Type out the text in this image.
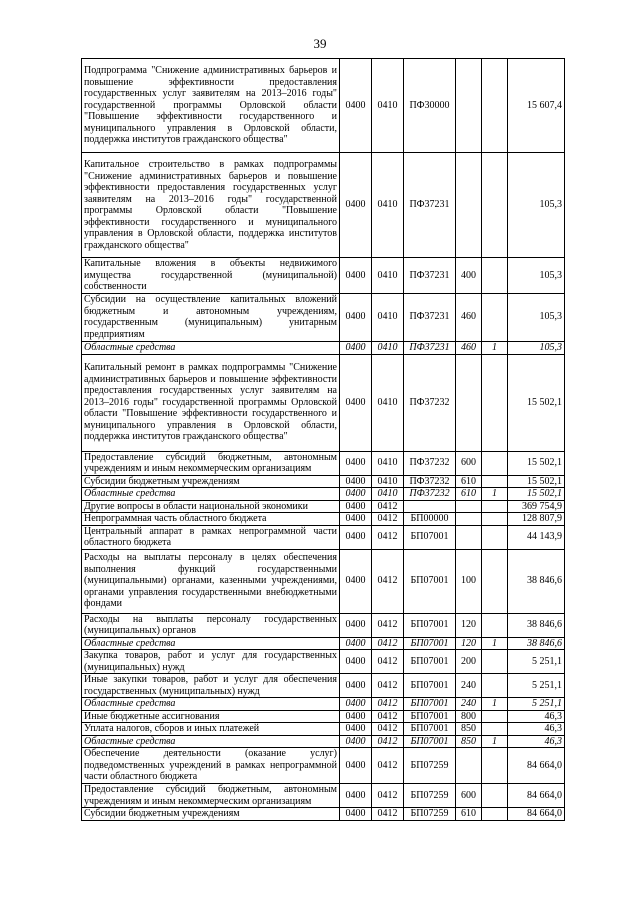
39
Подпрограмма "Снижение административных барьеров и повышение эффективности предоставления государственных услуг заявителям на 2013–2016 годы" государственной программы Орловской области "Повышение эффективности государственного и муниципального управления в Орловской области, поддержка институтов гражданского общества"	0400	0410	ПФ30000			15 607,4
Капитальное строительство в рамках подпрограммы "Снижение административных барьеров и повышение эффективности предоставления государственных услуг заявителям на 2013–2016 годы" государственной программы Орловской области "Повышение эффективности государственного и муниципального управления в Орловской области, поддержка институтов гражданского общества"	0400	0410	ПФ37231			105,3
Капитальные вложения в объекты недвижимого имущества государственной (муниципальной) собственности	0400	0410	ПФ37231	400		105,3
Субсидии на осуществление капитальных вложений бюджетным и автономным учреждениям, государственным (муниципальным) унитарным предприятиям	0400	0410	ПФ37231	460		105,3
Областные средства	0400	0410	ПФ37231	460	1	105,3
Капитальный ремонт в рамках подпрограммы "Снижение административных барьеров и повышение эффективности предоставления государственных услуг заявителям на 2013–2016 годы" государственной программы Орловской области "Повышение эффективности государственного и муниципального управления в Орловской области, поддержка институтов гражданского общества"	0400	0410	ПФ37232			15 502,1
Предоставление субсидий бюджетным, автономным учреждениям и иным некоммерческим организациям	0400	0410	ПФ37232	600		15 502,1
Субсидии бюджетным учреждениям	0400	0410	ПФ37232	610		15 502,1
Областные средства	0400	0410	ПФ37232	610	1	15 502,1
Другие вопросы в области национальной экономики	0400	0412				369 754,9
Непрограммная часть областного бюджета	0400	0412	БП00000			128 807,9
Центральный аппарат в рамках непрограммной части областного бюджета	0400	0412	БП07001			44 143,9
Расходы на выплаты персоналу в целях обеспечения выполнения функций государственными (муниципальными) органами, казенными учреждениями, органами управления государственными внебюджетными фондами	0400	0412	БП07001	100		38 846,6
Расходы на выплаты персоналу государственных (муниципальных) органов	0400	0412	БП07001	120		38 846,6
Областные средства	0400	0412	БП07001	120	1	38 846,6
Закупка товаров, работ и услуг для государственных (муниципальных) нужд	0400	0412	БП07001	200		5 251,1
Иные закупки товаров, работ и услуг для обеспечения государственных (муниципальных) нужд	0400	0412	БП07001	240		5 251,1
Областные средства	0400	0412	БП07001	240	1	5 251,1
Иные бюджетные ассигнования	0400	0412	БП07001	800		46,3
Уплата налогов, сборов и иных платежей	0400	0412	БП07001	850		46,3
Областные средства	0400	0412	БП07001	850	1	46,3
Обеспечение деятельности (оказание услуг) подведомственных учреждений в рамках непрограммной части областного бюджета	0400	0412	БП07259			84 664,0
Предоставление субсидий бюджетным, автономным учреждениям и иным некоммерческим организациям	0400	0412	БП07259	600		84 664,0
Субсидии бюджетным учреждениям	0400	0412	БП07259	610		84 664,0
